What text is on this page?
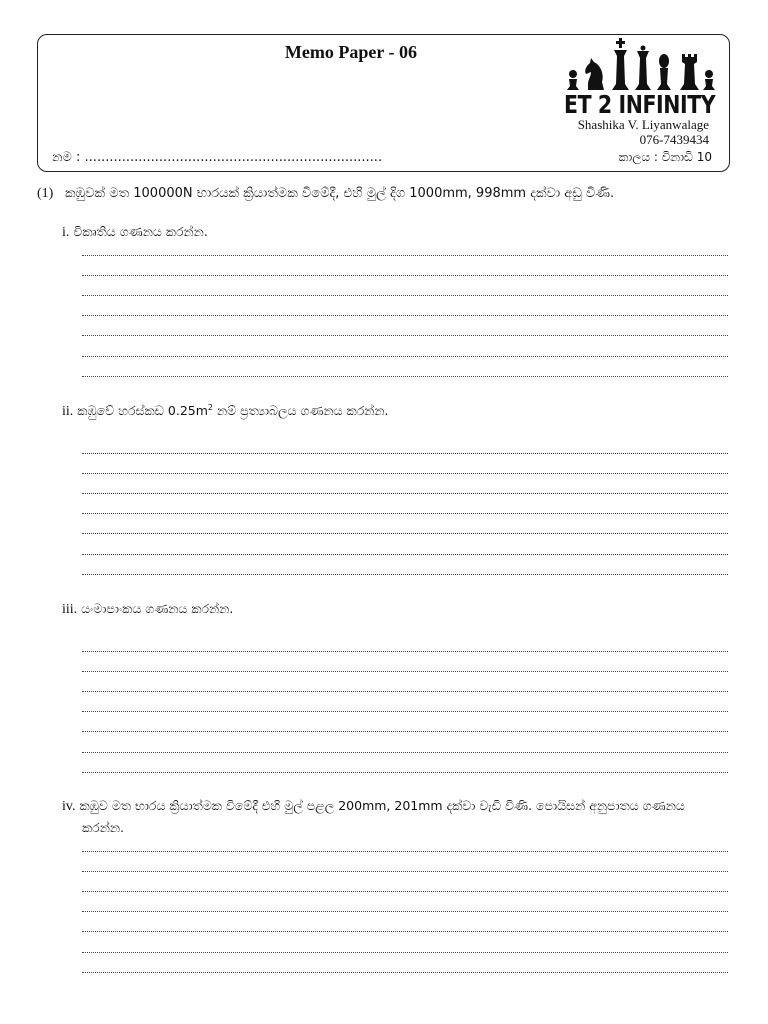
Memo Paper - 06
ET 2 INFINITY
Shashika V. Liyanwalage
076-7439434
නම : ........................................................................	කාලය : විනාඩි 10
(1) කඹුවක් මත 100000N භාරයක් ක්‍රියාත්මක විමේදී, එහි මුල් දිග 1000mm, 998mm දක්වා අඩු විණි.
i. විකෘතිය ගණනය කරන්න.
ii. කඹුවේ හරස්කඩ $0.25m^2$ නම් ප්‍රත්‍යාබලය ගණනය කරන්න.
iii. යංමාපාංකය ගණනය කරන්න.
iv. කඹුව මත භාරය ක්‍රියාත්මක විමේදී එහි මුල් පළල 200mm, 201mm දක්වා වැඩි විණි. පොයිසන් අනුපාතය ගණනය
කරන්න.
